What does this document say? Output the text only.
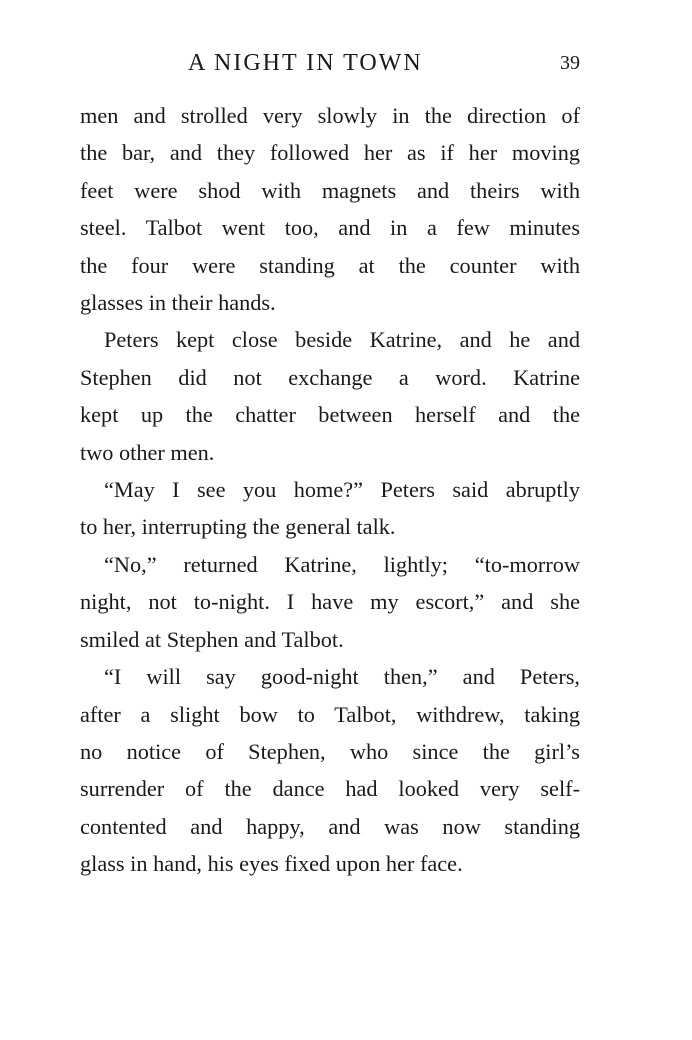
A NIGHT IN TOWN	39
men and strolled very slowly in the direction of
the bar, and they followed her as if her moving
feet were shod with magnets and theirs with
steel. Talbot went too, and in a few minutes
the four were standing at the counter with
glasses in their hands.
Peters kept close beside Katrine, and he and
Stephen did not exchange a word. Katrine
kept up the chatter between herself and the
two other men.
“May I see you home?” Peters said abruptly
to her, interrupting the general talk.
“No,” returned Katrine, lightly; “to-morrow
night, not to-night. I have my escort,” and she
smiled at Stephen and Talbot.
“I will say good-night then,” and Peters,
after a slight bow to Talbot, withdrew, taking
no notice of Stephen, who since the girl’s
surrender of the dance had looked very self-
contented and happy, and was now standing
glass in hand, his eyes fixed upon her face.
